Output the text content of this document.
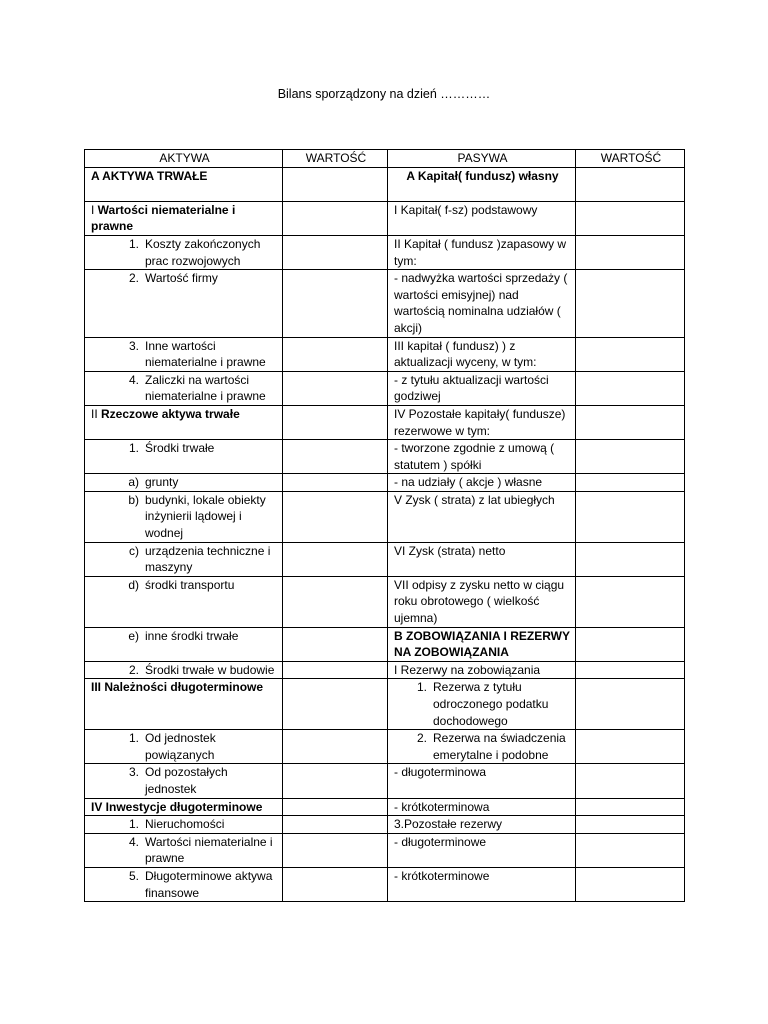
Bilans sporządzony na dzień …………
AKTYWA	WARTOŚĆ	PASYWA	WARTOŚĆ
A AKTYWA TRWAŁE		A Kapitał( fundusz) własny	
I Wartości niematerialne i prawne		I Kapitał( f-sz) podstawowy	

1. Koszty zakończonych prac rozwojowych		II Kapitał ( fundusz )zapasowy w tym:	

2. Wartość firmy		- nadwyżka wartości sprzedaży ( wartości emisyjnej) nad wartością nominalna udziałów ( akcji)	

3. Inne wartości niematerialne i prawne		III kapitał ( fundusz) ) z aktualizacji wyceny, w tym:	

4. Zaliczki na wartości niematerialne i prawne		- z tytułu aktualizacji wartości godziwej	
II Rzeczowe aktywa trwałe		IV Pozostałe kapitały( fundusze) rezerwowe w tym:	

1. Środki trwałe		- tworzone zgodnie z umową ( statutem ) spółki	

a) grunty		- na udziały ( akcje ) własne	

b) budynki, lokale obiekty inżynierii lądowej i wodnej		V Zysk ( strata) z lat ubiegłych	

c) urządzenia techniczne i maszyny		VI Zysk (strata) netto	

d) środki transportu		VII odpisy z zysku netto w ciągu roku obrotowego ( wielkość ujemna)	

e) inne środki trwałe		B ZOBOWIĄZANIA I REZERWY NA ZOBOWIĄZANIA	

2. Środki trwałe w budowie		I Rezerwy na zobowiązania	
III Należności długoterminowe		1. Rezerwa z tytułu odroczonego podatku dochodowego	

1. Od jednostek powiązanych		2. Rezerwa na świadczenia emerytalne i podobne	

3. Od pozostałych jednostek		- długoterminowa	
IV Inwestycje długoterminowe		- krótkoterminowa	

1. Nieruchomości		3.Pozostałe rezerwy	

4. Wartości niematerialne i prawne		- długoterminowe	

5. Długoterminowe aktywa finansowe		- krótkoterminowe	
